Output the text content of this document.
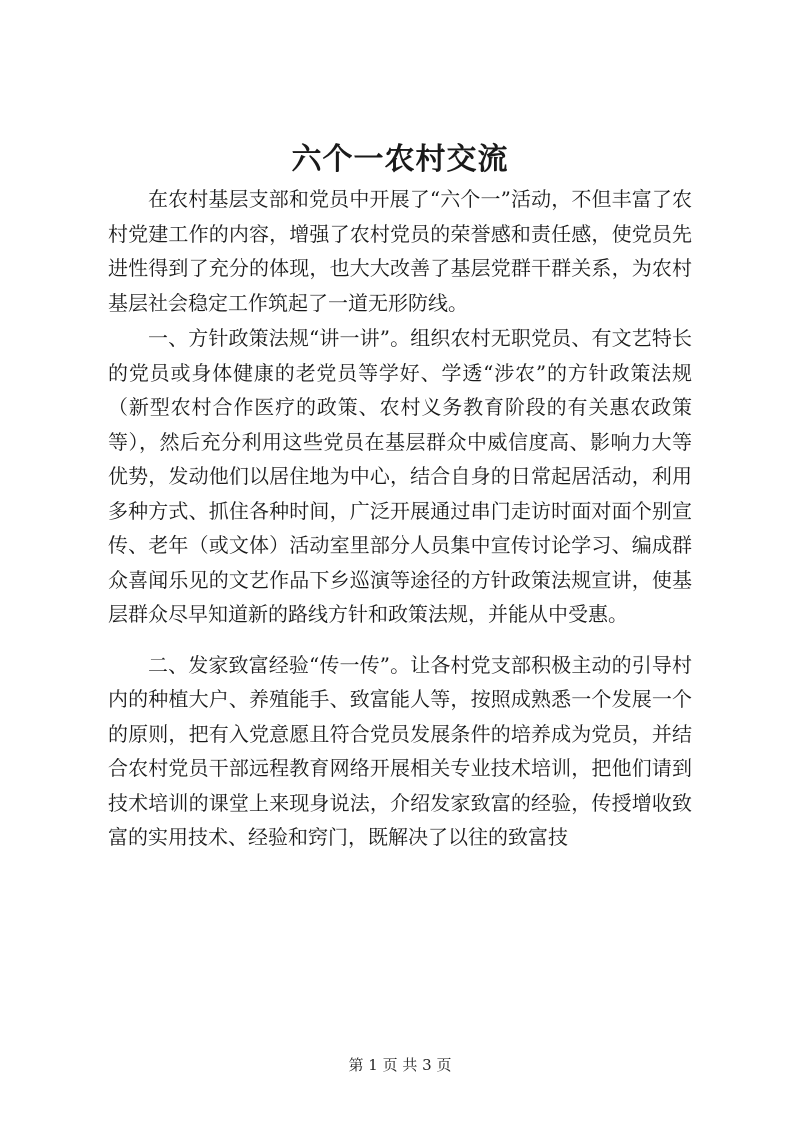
六个一农村交流

在农村基层支部和党员中开展了“六个一”活动，不但丰富了农村党建工作的内容，增强了农村党员的荣誉感和责任感，使党员先进性得到了充分的体现，也大大改善了基层党群干群关系，为农村基层社会稳定工作筑起了一道无形防线。

一、方针政策法规“讲一讲”。组织农村无职党员、有文艺特长的党员或身体健康的老党员等学好、学透“涉农”的方针政策法规（新型农村合作医疗的政策、农村义务教育阶段的有关惠农政策等），然后充分利用这些党员在基层群众中威信度高、影响力大等优势，发动他们以居住地为中心，结合自身的日常起居活动，利用多种方式、抓住各种时间，广泛开展通过串门走访时面对面个别宣传、老年（或文体）活动室里部分人员集中宣传讨论学习、编成群众喜闻乐见的文艺作品下乡巡演等途径的方针政策法规宣讲，使基层群众尽早知道新的路线方针和政策法规，并能从中受惠。

二、发家致富经验“传一传”。让各村党支部积极主动的引导村内的种植大户、养殖能手、致富能人等，按照成熟悉一个发展一个的原则，把有入党意愿且符合党员发展条件的培养成为党员，并结合农村党员干部远程教育网络开展相关专业技术培训，把他们请到技术培训的课堂上来现身说法，介绍发家致富的经验，传授增收致富的实用技术、经验和窍门，既解决了以往的致富技

第 1 页 共 3 页
